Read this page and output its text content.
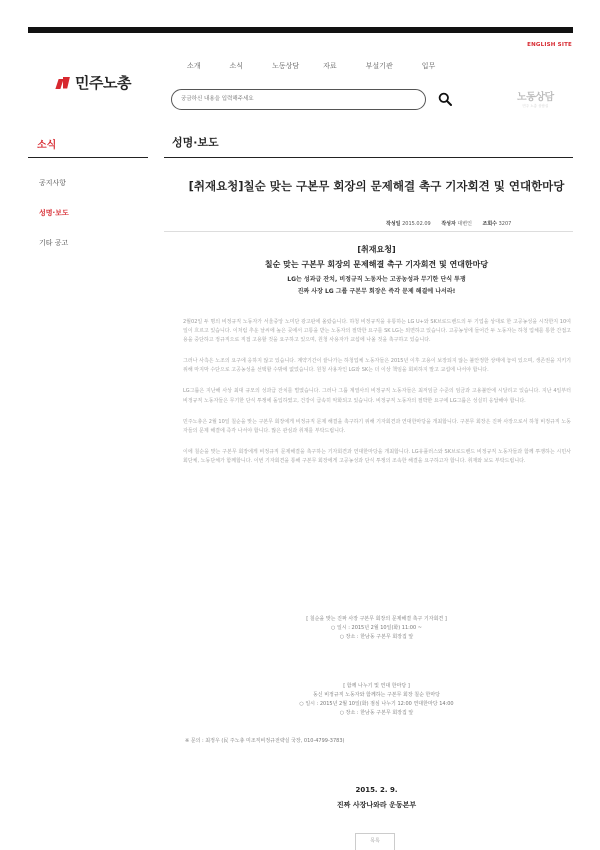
ENGLISH SITE
민주노총
소개	소식	노동상담	자료	부설기관	입무
궁금하신 내용을 입력해주세요	노동상담
민주 노총 상담실
소식	성명·보도
공지사항
성명·보도
기타 공고
[취재요청]칠순 맞는 구본무 회장의 문제해결 촉구 기자회견 및 연대한마당
작성일 2015.02.09 작성자 대변인 조회수 3207
[취재요청]
칠순 맞는 구본무 회장의 문제해결 촉구 기자회견 및 연대한마당
LG는 성과급 잔치, 비정규직 노동자는 고공농성과 무기한 단식 투쟁
진짜 사장 LG 그룹 구본무 회장은 즉각 문제 해결에 나서라!

2월02일 두 명의 비정규직 노동자가 서울중앙 노미단 광고판에 올랐습니다. 하청 비정규직을 유통하는 LG U+와 SK브로드밴드의 두 기업을 상대로 한 고공농성을 시작한지 10여 일이 흐르고 있습니다. 이처럼 추운 날씨에 높은 곳에서 고통을 받는 노동자의 절박한 요구를 SK LG는 외면하고 있습니다. 고공농성에 들어간 두 노동자는 하청 업체를 통한 간접고용을 중단하고 정규직으로 직접 고용할 것을 요구하고 있으며, 원청 사용자가 교섭에 나올 것을 촉구하고 있습니다.

그러나 사측은 노조의 요구에 응하지 않고 있습니다. 계약기간이 끝나가는 하청업체 노동자들은 2015년 이후 고용이 보장되지 않는 불안정한 상태에 놓여 있으며, 생존권을 지키기 위해 마지막 수단으로 고공농성을 선택할 수밖에 없었습니다. 원청 사용자인 LG와 SK는 더 이상 책임을 회피하지 말고 교섭에 나서야 합니다.

LG그룹은 지난해 사상 최대 규모의 성과급 잔치를 벌였습니다. 그러나 그룹 계열사의 비정규직 노동자들은 최저임금 수준의 임금과 고용불안에 시달리고 있습니다. 지난 4일부터 비정규직 노동자들은 무기한 단식 투쟁에 돌입하였고, 건강이 급속히 악화되고 있습니다. 비정규직 노동자의 절박한 요구에 LG그룹은 성실히 응답해야 합니다.

민주노총은 2월 10일 칠순을 맞는 구본무 회장에게 비정규직 문제 해결을 촉구하기 위해 기자회견과 연대한마당을 개최합니다. 구본무 회장은 진짜 사장으로서 하청 비정규직 노동자들의 문제 해결에 즉각 나서야 합니다. 많은 관심과 취재를 부탁드립니다.

이에 칠순을 맞는 구본무 회장에게 비정규직 문제해결을 촉구하는 기자회견과 연대한마당을 개최합니다. LG유플러스와 SK브로드밴드 비정규직 노동자들과 함께 투쟁하는 시민사회단체, 노동단체가 함께합니다. 이번 기자회견을 통해 구본무 회장에게 고공농성과 단식 투쟁의 조속한 해결을 요구하고자 합니다. 취재와 보도 부탁드립니다.

[ 칠순을 맞는 진짜 사장 구본무 회장의 문제해결 촉구 기자회견 ]
○ 일시 : 2015년 2월 10일(화) 11:00 ~
○ 장소 : 한남동 구본무 회장집 앞
[ 함께 나누기 및 연대 한마당 ]
동신 비정규직 노동자와 함께하는 구본무 회장 칠순 한마당
○ 일시 : 2015년 2월 10일(화) 점심 나누기 12:00 연대한마당 14:00
○ 장소 : 한남동 구본무 회장집 앞
※ 문의 : 최정우 (民 주노총 미조직비정규전략실 국장, 010-4799-3783)
2015. 2. 9.
진짜 사장나와라 운동본부
목록
